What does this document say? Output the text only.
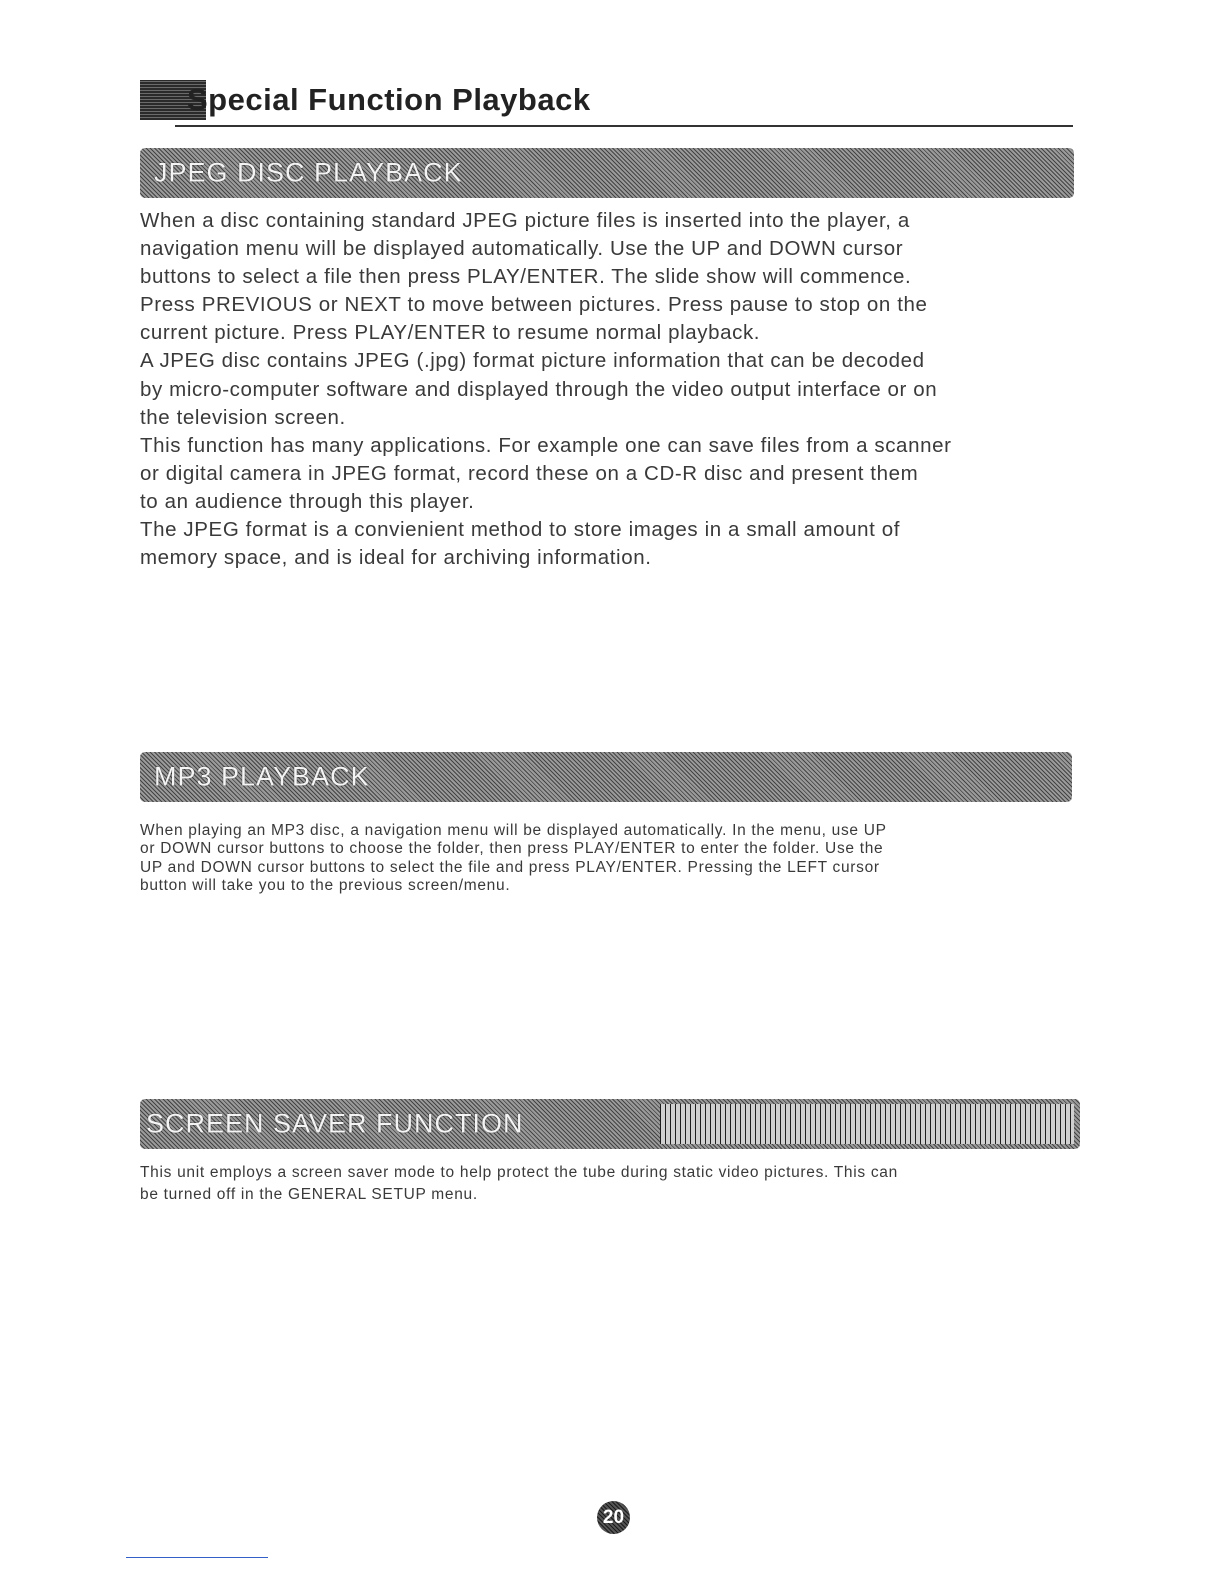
Special Function Playback
JPEG DISC PLAYBACK

When a disc containing standard JPEG picture files is inserted into the player, a

navigation menu will be displayed automatically. Use the UP and DOWN cursor

buttons to select a file then press PLAY/ENTER. The slide show will commence.

Press PREVIOUS or NEXT to move between pictures. Press pause to stop on the

current picture. Press PLAY/ENTER to resume normal playback.

A JPEG disc contains JPEG (.jpg) format picture information that can be decoded

by micro-computer software and displayed through the video output interface or on

the television screen.

This function has many applications. For example one can save files from a scanner

or digital camera in JPEG format, record these on a CD-R disc and present them

to an audience through this player.

The JPEG format is a convienient method to store images in a small amount of

memory space, and is ideal for archiving information.

MP3 PLAYBACK

When playing an MP3 disc, a navigation menu will be displayed automatically. In the menu, use UP

or DOWN cursor buttons to choose the folder, then press PLAY/ENTER to enter the folder. Use the

UP and DOWN cursor buttons to select the file and press PLAY/ENTER. Pressing the LEFT cursor

button will take you to the previous screen/menu.

SCREEN SAVER FUNCTION

This unit employs a screen saver mode to help protect the tube during static video pictures. This can

be turned off in the GENERAL SETUP menu.

20
